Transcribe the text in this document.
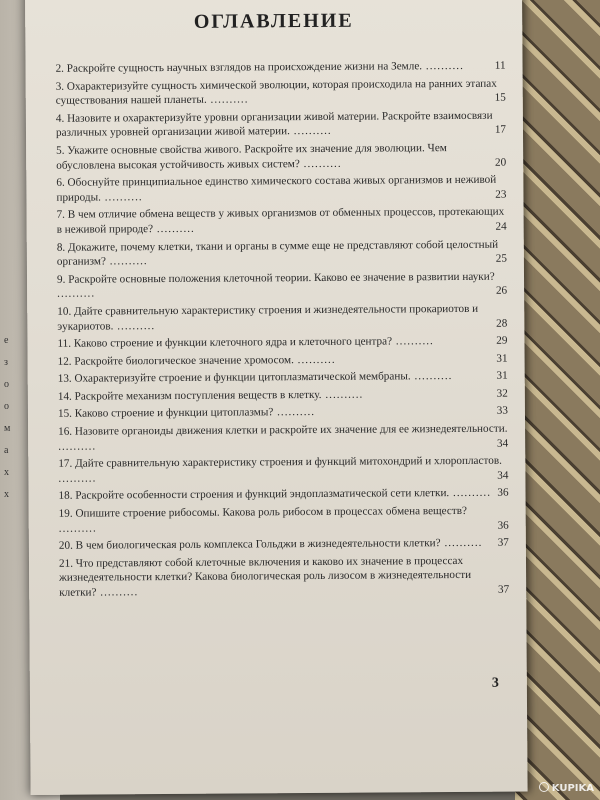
е
з
о
о
м
а
х
х
ОГЛАВЛЕНИЕ
2. Раскройте сущность научных взглядов на происхождение жизни на Земле. ..........	11
3. Охарактеризуйте сущность химической эволюции, которая происходила на ранних этапах существования нашей планеты. ..........	15
4. Назовите и охарактеризуйте уровни организации живой материи. Раскройте взаимосвязи различных уровней организации живой материи. ..........	17
5. Укажите основные свойства живого. Раскройте их значение для эволюции. Чем обусловлена высокая устойчивость живых систем? ..........	20
6. Обоснуйте принципиальное единство химического состава живых организмов и неживой природы. ..........	23
7. В чем отличие обмена веществ у живых организмов от обменных процессов, протекающих в неживой природе? ..........	24
8. Докажите, почему клетки, ткани и органы в сумме еще не представляют собой целостный организм? ..........	25
9. Раскройте основные положения клеточной теории. Каково ее значение в развитии науки? ..........	26
10. Дайте сравнительную характеристику строения и жизнедеятельности прокариотов и эукариотов. ..........	28
11. Каково строение и функции клеточного ядра и клеточного центра? ..........	29
12. Раскройте биологическое значение хромосом. ..........	31
13. Охарактеризуйте строение и функции цитоплазматической мембраны. ..........	31
14. Раскройте механизм поступления веществ в клетку. ..........	32
15. Каково строение и функции цитоплазмы? ..........	33
16. Назовите органоиды движения клетки и раскройте их значение для ее жизнедеятельности. ..........	34
17. Дайте сравнительную характеристику строения и функций митохондрий и хлоропластов. ..........	34
18. Раскройте особенности строения и функций эндоплазматической сети клетки. .......... 36
19. Опишите строение рибосомы. Какова роль рибосом в процессах обмена веществ? ..........	36
20. В чем биологическая роль комплекса Гольджи в жизнедеятельности клетки? .......... 37
21. Что представляют собой клеточные включения и каково их значение в процессах жизнедеятельности клетки? Какова биологическая роль лизосом в жизнедеятельности клетки? ..........	37
3
KUPIKA
